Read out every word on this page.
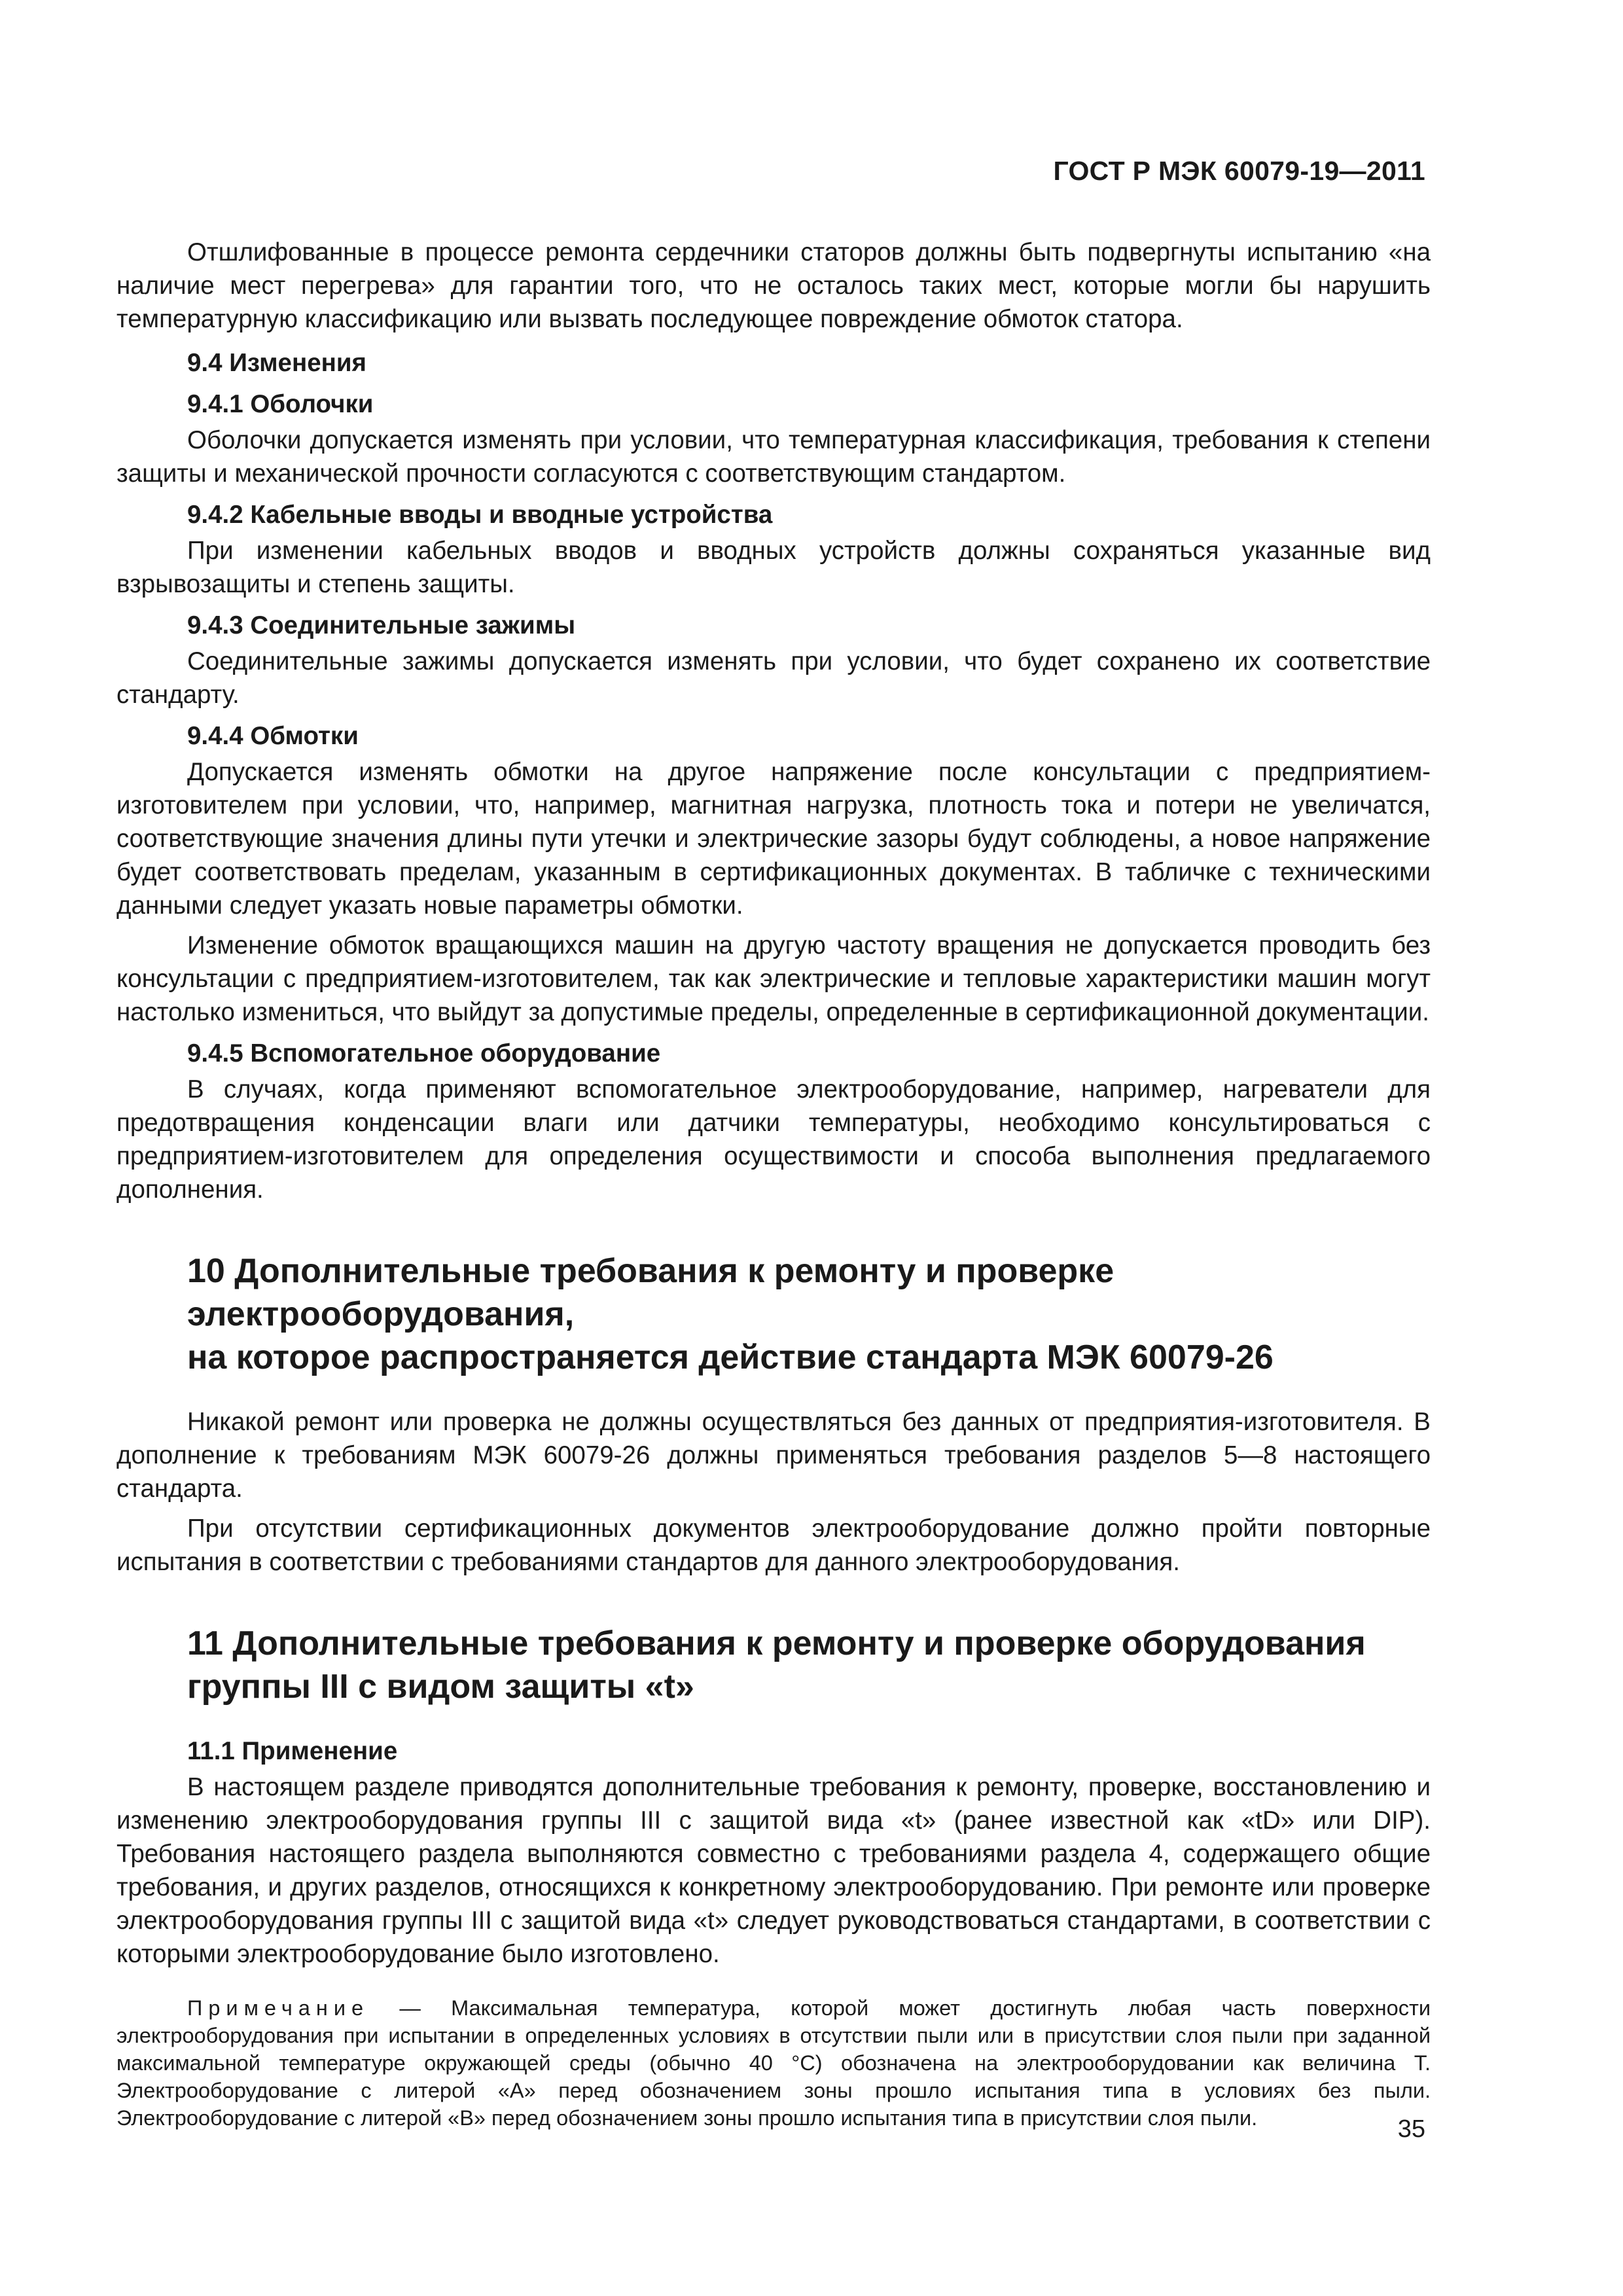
ГОСТ Р МЭК 60079-19—2011

Отшлифованные в процессе ремонта сердечники статоров должны быть подвергнуты испытанию «на наличие мест перегрева» для гарантии того, что не осталось таких мест, которые могли бы нарушить температурную классификацию или вызвать последующее повреждение обмоток статора.

9.4 Изменения
9.4.1 Оболочки

Оболочки допускается изменять при условии, что температурная классификация, требования к степени защиты и механической прочности согласуются с соответствующим стандартом.

9.4.2 Кабельные вводы и вводные устройства

При изменении кабельных вводов и вводных устройств должны сохраняться указанные вид взрывозащиты и степень защиты.

9.4.3 Соединительные зажимы

Соединительные зажимы допускается изменять при условии, что будет сохранено их соответствие стандарту.

9.4.4 Обмотки

Допускается изменять обмотки на другое напряжение после консультации с предприятием-изготовителем при условии, что, например, магнитная нагрузка, плотность тока и потери не увеличатся, соответствующие значения длины пути утечки и электрические зазоры будут соблюдены, а новое напряжение будет соответствовать пределам, указанным в сертификационных документах. В табличке с техническими данными следует указать новые параметры обмотки.

Изменение обмоток вращающихся машин на другую частоту вращения не допускается проводить без консультации с предприятием-изготовителем, так как электрические и тепловые характеристики машин могут настолько измениться, что выйдут за допустимые пределы, определенные в сертификационной документации.

9.4.5 Вспомогательное оборудование

В случаях, когда применяют вспомогательное электрооборудование, например, нагреватели для предотвращения конденсации влаги или датчики температуры, необходимо консультироваться с предприятием-изготовителем для определения осуществимости и способа выполнения предлагаемого дополнения.

10 Дополнительные требования к ремонту и проверке электрооборудования,
на которое распространяется действие стандарта МЭК 60079-26

Никакой ремонт или проверка не должны осуществляться без данных от предприятия-изготовителя. В дополнение к требованиям МЭК 60079-26 должны применяться требования разделов 5—8 настоящего стандарта.

При отсутствии сертификационных документов электрооборудование должно пройти повторные испытания в соответствии с требованиями стандартов для данного электрооборудования.

11 Дополнительные требования к ремонту и проверке оборудования
группы III с видом защиты «t»
11.1 Применение

В настоящем разделе приводятся дополнительные требования к ремонту, проверке, восстановлению и изменению электрооборудования группы III с защитой вида «t» (ранее известной как «tD» или DIP). Требования настоящего раздела выполняются совместно с требованиями раздела 4, содержащего общие требования, и других разделов, относящихся к конкретному электрооборудованию. При ремонте или проверке электрооборудования группы III с защитой вида «t» следует руководствоваться стандартами, в соответствии с которыми электрооборудование было изготовлено.

Примечание — Максимальная температура, которой может достигнуть любая часть поверхности электрооборудования при испытании в определенных условиях в отсутствии пыли или в присутствии слоя пыли при заданной максимальной температуре окружающей среды (обычно 40 °С) обозначена на электрооборудовании как величина Т. Электрооборудование с литерой «А» перед обозначением зоны прошло испытания типа в условиях без пыли. Электрооборудование с литерой «В» перед обозначением зоны прошло испытания типа в присутствии слоя пыли.	35
